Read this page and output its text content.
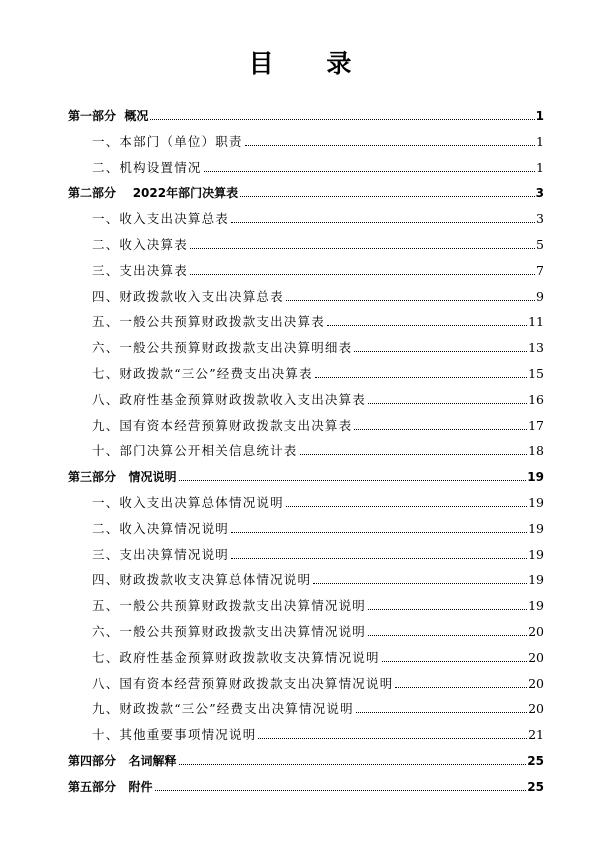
目 录
第一部分  概况	1
一、本部门（单位）职责	1
二、机构设置情况	1
第二部分    2022年部门决算表	3
一、收入支出决算总表	3
二、收入决算表	5
三、支出决算表	7
四、财政拨款收入支出决算总表	9
五、一般公共预算财政拨款支出决算表	11
六、一般公共预算财政拨款支出决算明细表	13
七、财政拨款“三公”经费支出决算表	15
八、政府性基金预算财政拨款收入支出决算表	16
九、国有资本经营预算财政拨款支出决算表	17
十、部门决算公开相关信息统计表	18
第三部分   情况说明	19
一、收入支出决算总体情况说明	19
二、收入决算情况说明	19
三、支出决算情况说明	19
四、财政拨款收支决算总体情况说明	19
五、一般公共预算财政拨款支出决算情况说明	19
六、一般公共预算财政拨款支出决算情况说明	20
七、政府性基金预算财政拨款收支决算情况说明	20
八、国有资本经营预算财政拨款支出决算情况说明	20
九、财政拨款“三公”经费支出决算情况说明	20
十、其他重要事项情况说明	21
第四部分   名词解释	25
第五部分   附件	25
